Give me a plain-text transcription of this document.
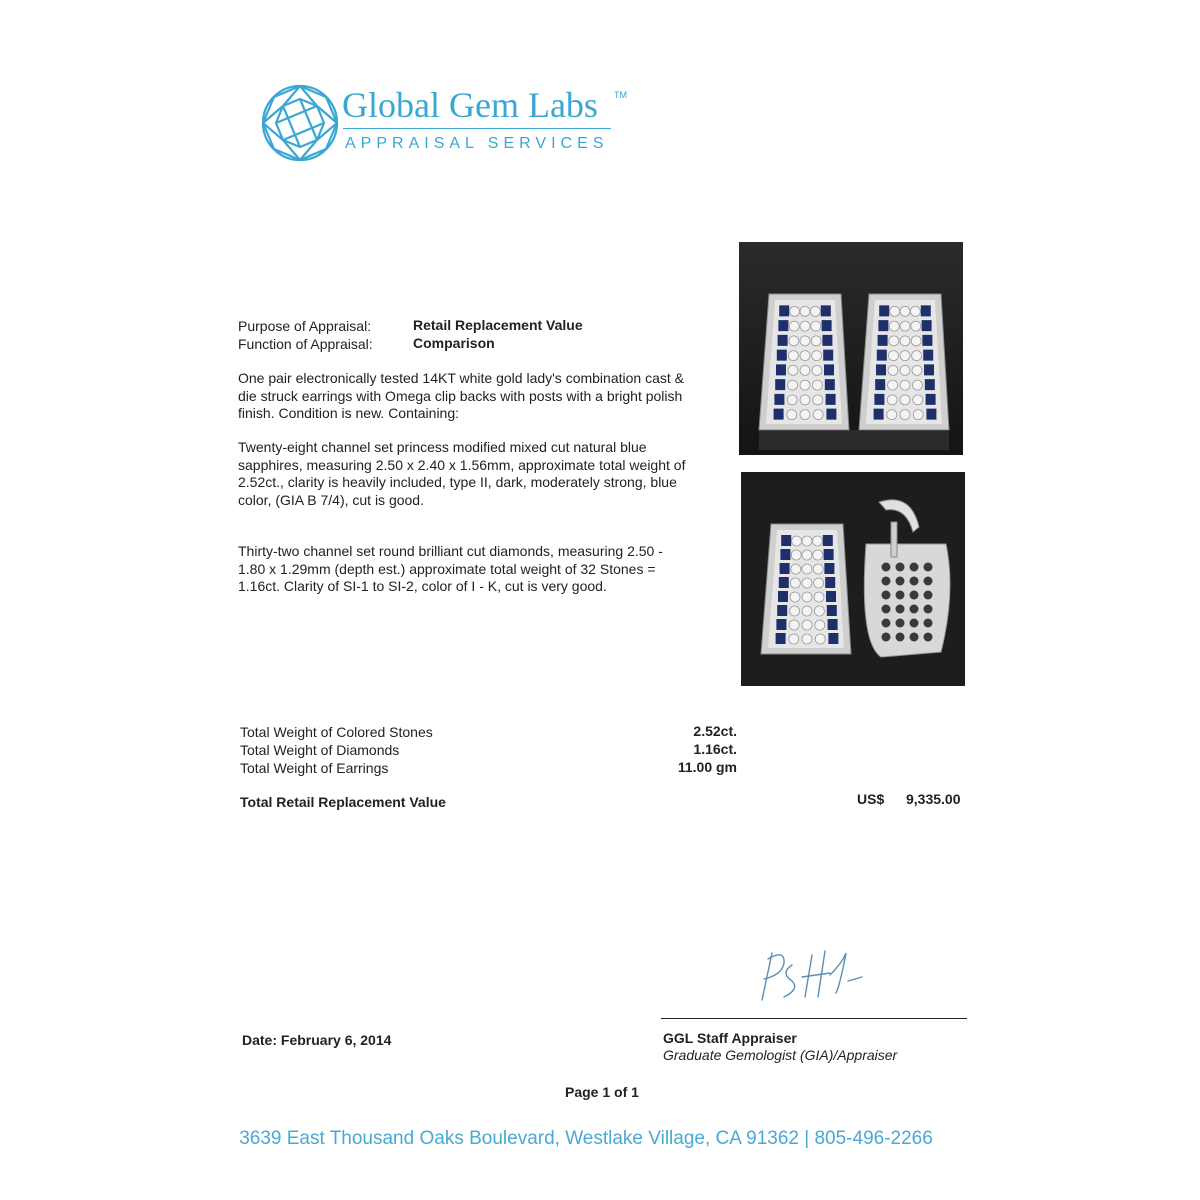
Global Gem Labs TM
APPRAISAL SERVICES
Purpose of Appraisal:	Retail Replacement Value
Function of Appraisal:	Comparison
One pair electronically tested 14KT white gold lady's combination cast & die struck earrings with Omega clip backs with posts with a bright polish finish. Condition is new. Containing:
Twenty-eight channel set princess modified mixed cut natural blue sapphires, measuring 2.50 x 2.40 x 1.56mm, approximate total weight of 2.52ct., clarity is heavily included, type II, dark, moderately strong, blue color, (GIA B 7/4), cut is good.
Thirty-two channel set round brilliant cut diamonds, measuring 2.50 - 1.80 x 1.29mm (depth est.) approximate total weight of 32 Stones = 1.16ct. Clarity of SI-1 to SI-2, color of I - K, cut is very good.
Total Weight of Colored Stones	2.52ct.
Total Weight of Diamonds	1.16ct.
Total Weight of Earrings	11.00 gm
Total Retail Replacement Value	US$ 9,335.00
Date: February 6, 2014	GGL Staff Appraiser
Graduate Gemologist (GIA)/Appraiser
Page 1 of 1
3639 East Thousand Oaks Boulevard, Westlake Village, CA 91362 | 805-496-2266
